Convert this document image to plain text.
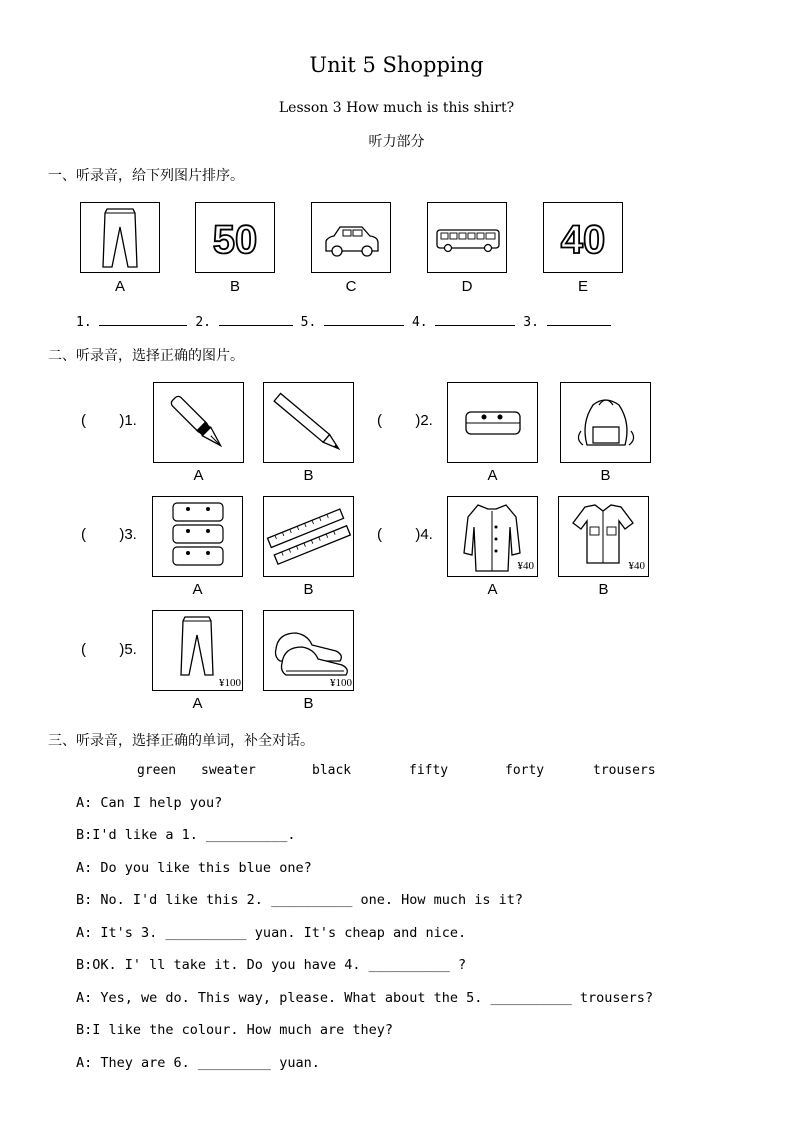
Unit 5 Shopping
Lesson 3 How much is this shirt?
听力部分
一、听录音，给下列图片排序。
A
50
B	C	D
40
E
1.	2.	5.	4.	3.
二、听录音，选择正确的图片。
(        )1.
A	B
(        )2.
A	B
(        )3.
A	B
(        )4.
¥40
A
¥40
B
(        )5.
¥100
A
¥100
B
三、听录音，选择正确的单词，补全对话。
green sweater	black	fifty	forty	trousers
A: Can I help you?
B:I'd like a 1. __________.
A: Do you like this blue one?
B: No. I'd like this 2. __________ one. How much is it?
A: It's 3. __________ yuan. It's cheap and nice.
B:OK. I' ll take it. Do you have 4. __________ ?
A: Yes, we do. This way, please. What about the 5. __________ trousers?
B:I like the colour. How much are they?
A: They are 6. _________ yuan.
